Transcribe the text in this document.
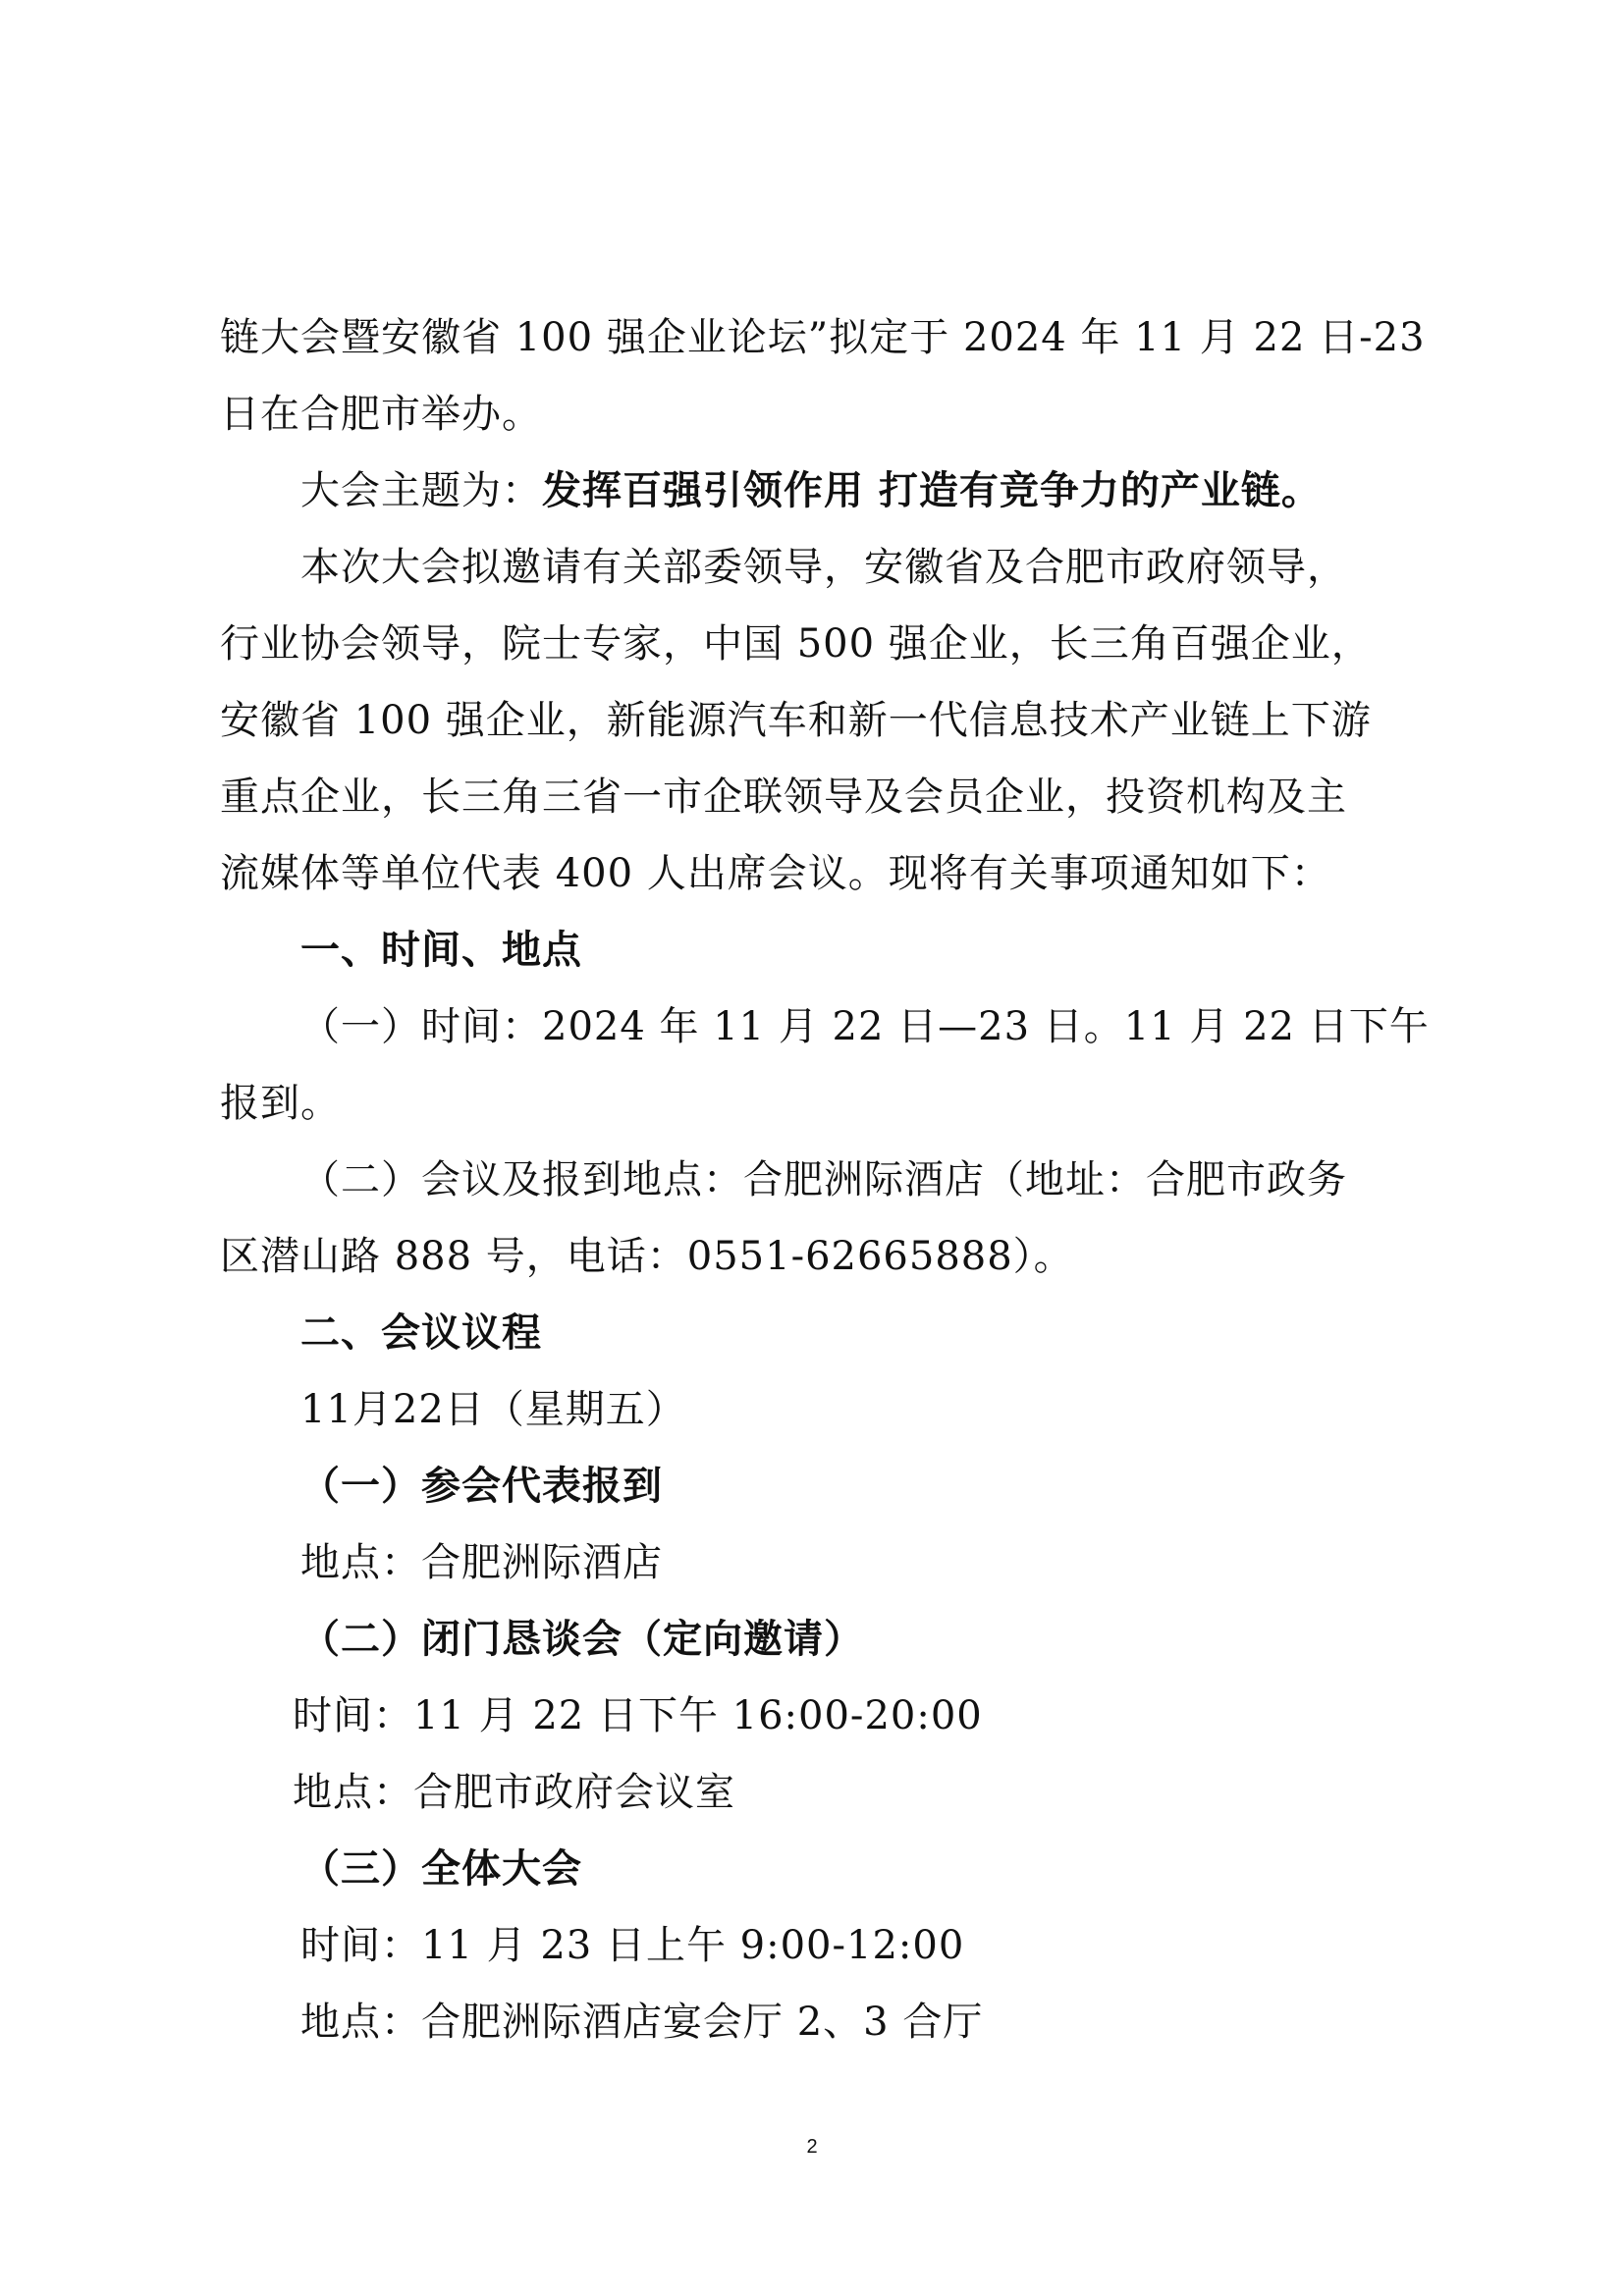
链大会暨安徽省 100 强企业论坛”拟定于 2024 年 11 月 22 日-23
日在合肥市举办。
大会主题为：发挥百强引领作用 打造有竞争力的产业链。
本次大会拟邀请有关部委领导，安徽省及合肥市政府领导，
行业协会领导，院士专家，中国 500 强企业，长三角百强企业，
安徽省 100 强企业，新能源汽车和新一代信息技术产业链上下游
重点企业，长三角三省一市企联领导及会员企业，投资机构及主
流媒体等单位代表 400 人出席会议。现将有关事项通知如下：
一、时间、地点
（一）时间：2024 年 11 月 22 日—23 日。11 月 22 日下午
报到。
（二）会议及报到地点：合肥洲际酒店（地址：合肥市政务
区潜山路 888 号，电话：0551-62665888）。
二、会议议程
11月22日（星期五）
（一）参会代表报到
地点：合肥洲际酒店
（二）闭门恳谈会（定向邀请）
时间：11 月 22 日下午 16:00-20:00
地点：合肥市政府会议室
（三）全体大会
时间：11 月 23 日上午 9:00-12:00
地点：合肥洲际酒店宴会厅 2、3 合厅
2
